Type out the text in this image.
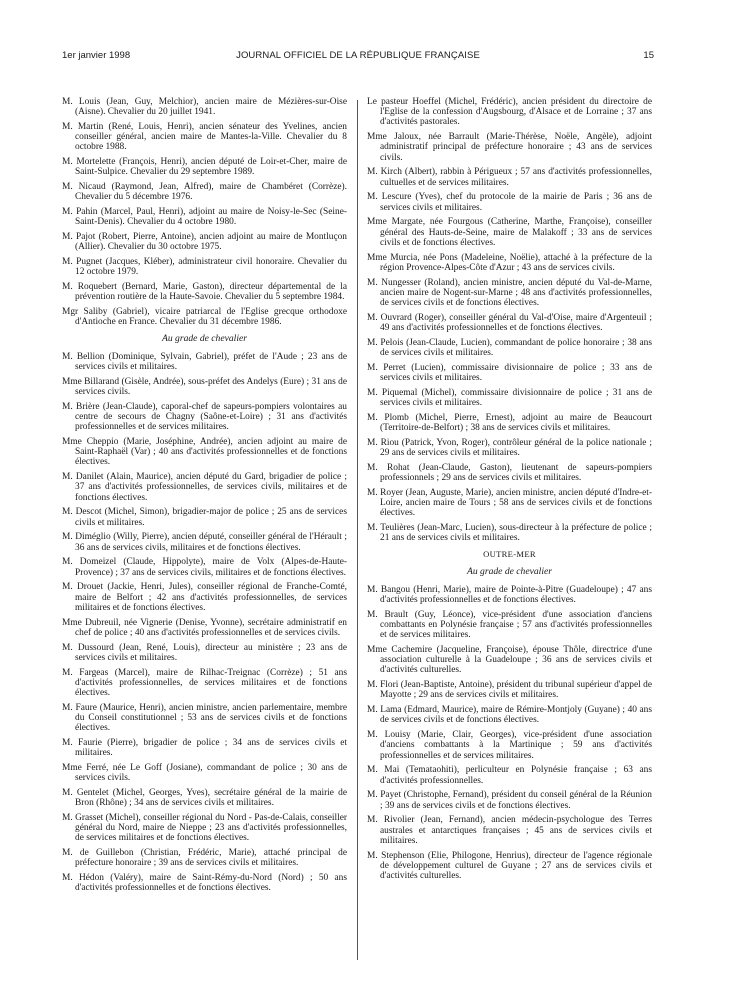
1er janvier 1998	JOURNAL OFFICIEL DE LA RÉPUBLIQUE FRANÇAISE	15

M. Louis (Jean, Guy, Melchior), ancien maire de Mézières-sur-Oise (Aisne). Chevalier du 20 juillet 1941.

M. Martin (René, Louis, Henri), ancien sénateur des Yvelines, ancien conseiller général, ancien maire de Mantes-la-Ville. Chevalier du 8 octobre 1988.

M. Mortelette (François, Henri), ancien député de Loir-et-Cher, maire de Saint-Sulpice. Chevalier du 29 septembre 1989.

M. Nicaud (Raymond, Jean, Alfred), maire de Chambéret (Corrèze). Chevalier du 5 décembre 1976.

M. Pahin (Marcel, Paul, Henri), adjoint au maire de Noisy-le-Sec (Seine-Saint-Denis). Chevalier du 4 octobre 1980.

M. Pajot (Robert, Pierre, Antoine), ancien adjoint au maire de Montluçon (Allier). Chevalier du 30 octobre 1975.

M. Pugnet (Jacques, Kléber), administrateur civil honoraire. Chevalier du 12 octobre 1979.

M. Roquebert (Bernard, Marie, Gaston), directeur départemental de la prévention routière de la Haute-Savoie. Chevalier du 5 septembre 1984.

Mgr Saliby (Gabriel), vicaire patriarcal de l'Eglise grecque orthodoxe d'Antioche en France. Chevalier du 31 décembre 1986.

Au grade de chevalier

M. Bellion (Dominique, Sylvain, Gabriel), préfet de l'Aude ; 23 ans de services civils et militaires.

Mme Billarand (Gisèle, Andrée), sous-préfet des Andelys (Eure) ; 31 ans de services civils.

M. Brière (Jean-Claude), caporal-chef de sapeurs-pompiers volontaires au centre de secours de Chagny (Saône-et-Loire) ; 31 ans d'activités professionnelles et de services militaires.

Mme Cheppio (Marie, Joséphine, Andrée), ancien adjoint au maire de Saint-Raphaël (Var) ; 40 ans d'activités professionnelles et de fonctions électives.

M. Danilet (Alain, Maurice), ancien député du Gard, brigadier de police ; 37 ans d'activités professionnelles, de services civils, militaires et de fonctions électives.

M. Descot (Michel, Simon), brigadier-major de police ; 25 ans de services civils et militaires.

M. Diméglio (Willy, Pierre), ancien député, conseiller général de l'Hérault ; 36 ans de services civils, militaires et de fonctions électives.

M. Domeizel (Claude, Hippolyte), maire de Volx (Alpes-de-Haute-Provence) ; 37 ans de services civils, militaires et de fonctions électives.

M. Drouet (Jackie, Henri, Jules), conseiller régional de Franche-Comté, maire de Belfort ; 42 ans d'activités professionnelles, de services militaires et de fonctions électives.

Mme Dubreuil, née Vignerie (Denise, Yvonne), secrétaire administratif en chef de police ; 40 ans d'activités professionnelles et de services civils.

M. Dussourd (Jean, René, Louis), directeur au ministère ; 23 ans de services civils et militaires.

M. Fargeas (Marcel), maire de Rilhac-Treignac (Corrèze) ; 51 ans d'activités professionnelles, de services militaires et de fonctions électives.

M. Faure (Maurice, Henri), ancien ministre, ancien parlementaire, membre du Conseil constitutionnel ; 53 ans de services civils et de fonctions électives.

M. Faurie (Pierre), brigadier de police ; 34 ans de services civils et militaires.

Mme Ferré, née Le Goff (Josiane), commandant de police ; 30 ans de services civils.

M. Gentelet (Michel, Georges, Yves), secrétaire général de la mairie de Bron (Rhône) ; 34 ans de services civils et militaires.

M. Grasset (Michel), conseiller régional du Nord - Pas-de-Calais, conseiller général du Nord, maire de Nieppe ; 23 ans d'activités professionnelles, de services militaires et de fonctions électives.

M. de Guillebon (Christian, Frédéric, Marie), attaché principal de préfecture honoraire ; 39 ans de services civils et militaires.

M. Hédon (Valéry), maire de Saint-Rémy-du-Nord (Nord) ; 50 ans d'activités professionnelles et de fonctions électives.

Le pasteur Hoeffel (Michel, Frédéric), ancien président du directoire de l'Eglise de la confession d'Augsbourg, d'Alsace et de Lorraine ; 37 ans d'activités pastorales.

Mme Jaloux, née Barrault (Marie-Thérèse, Noële, Angèle), adjoint administratif principal de préfecture honoraire ; 43 ans de services civils.

M. Kirch (Albert), rabbin à Périgueux ; 57 ans d'activités professionnelles, cultuelles et de services militaires.

M. Lescure (Yves), chef du protocole de la mairie de Paris ; 36 ans de services civils et militaires.

Mme Margate, née Fourgous (Catherine, Marthe, Françoise), conseiller général des Hauts-de-Seine, maire de Malakoff ; 33 ans de services civils et de fonctions électives.

Mme Murcia, née Pons (Madeleine, Noëlie), attaché à la préfecture de la région Provence-Alpes-Côte d'Azur ; 43 ans de services civils.

M. Nungesser (Roland), ancien ministre, ancien député du Val-de-Marne, ancien maire de Nogent-sur-Marne ; 48 ans d'activités professionnelles, de services civils et de fonctions électives.

M. Ouvrard (Roger), conseiller général du Val-d'Oise, maire d'Argenteuil ; 49 ans d'activités professionnelles et de fonctions électives.

M. Pelois (Jean-Claude, Lucien), commandant de police honoraire ; 38 ans de services civils et militaires.

M. Perret (Lucien), commissaire divisionnaire de police ; 33 ans de services civils et militaires.

M. Piquemal (Michel), commissaire divisionnaire de police ; 31 ans de services civils et militaires.

M. Plomb (Michel, Pierre, Ernest), adjoint au maire de Beaucourt (Territoire-de-Belfort) ; 38 ans de services civils et militaires.

M. Riou (Patrick, Yvon, Roger), contrôleur général de la police nationale ; 29 ans de services civils et militaires.

M. Rohat (Jean-Claude, Gaston), lieutenant de sapeurs-pompiers professionnels ; 29 ans de services civils et militaires.

M. Royer (Jean, Auguste, Marie), ancien ministre, ancien député d'Indre-et-Loire, ancien maire de Tours ; 58 ans de services civils et de fonctions électives.

M. Teulières (Jean-Marc, Lucien), sous-directeur à la préfecture de police ; 21 ans de services civils et militaires.

OUTRE-MER
Au grade de chevalier

M. Bangou (Henri, Marie), maire de Pointe-à-Pitre (Guadeloupe) ; 47 ans d'activités professionnelles et de fonctions électives.

M. Brault (Guy, Léonce), vice-président d'une association d'anciens combattants en Polynésie française ; 57 ans d'activités professionnelles et de services militaires.

Mme Cachemire (Jacqueline, Françoise), épouse Thôle, directrice d'une association culturelle à la Guadeloupe ; 36 ans de services civils et d'activités culturelles.

M. Flori (Jean-Baptiste, Antoine), président du tribunal supérieur d'appel de Mayotte ; 29 ans de services civils et militaires.

M. Lama (Edmard, Maurice), maire de Rémire-Montjoly (Guyane) ; 40 ans de services civils et de fonctions électives.

M. Louisy (Marie, Clair, Georges), vice-président d'une association d'anciens combattants à la Martinique ; 59 ans d'activités professionnelles et de services militaires.

M. Mai (Temataohiti), perliculteur en Polynésie française ; 63 ans d'activités professionnelles.

M. Payet (Christophe, Fernand), président du conseil général de la Réunion ; 39 ans de services civils et de fonctions électives.

M. Rivolier (Jean, Fernand), ancien médecin-psychologue des Terres australes et antarctiques françaises ; 45 ans de services civils et militaires.

M. Stephenson (Elie, Philogone, Henrius), directeur de l'agence régionale de développement culturel de Guyane ; 27 ans de services civils et d'activités culturelles.
